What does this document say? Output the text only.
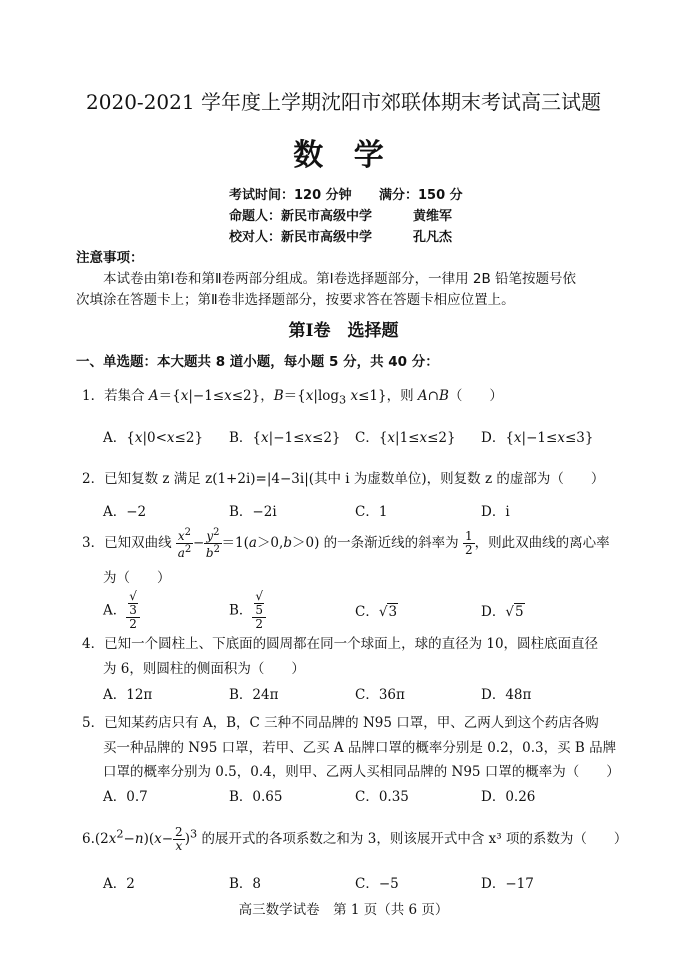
2020-2021 学年度上学期沈阳市郊联体期末考试高三试题
数 学
考试时间：120 分钟 满分：150 分
命题人：新民市高级中学	黄维军
校对人：新民市高级中学	孔凡杰
注意事项：
本试卷由第Ⅰ卷和第Ⅱ卷两部分组成。第Ⅰ卷选择题部分，一律用 2B 铅笔按题号依
次填涂在答题卡上；第Ⅱ卷非选择题部分，按要求答在答题卡相应位置上。
第Ⅰ卷　选择题
一、单选题：本大题共 8 道小题，每小题 5 分，共 40 分：
1．若集合 A＝{x|−1≤x≤2}，$B=\{x|\log_3$ x≤1}，则 A∩B（　　）
A．{x|0<x≤2} B．{x|−1≤x≤2} C．{x|1≤x≤2} D．{x|−1≤x≤3}
2．已知复数 z 满足 z(1+2i)=|4−3i|(其中 i 为虚数单位)，则复数 z 的虚部为（　　）
A．−2	B．−2i	C．1	D．i
3．已知双曲线 $\frac{x^2}{a^2} - \frac{y^2}{b^2} =1(a>0,b>0)$ 的一条渐近线的斜率为 $\frac{1}{2}$ ，则此双曲线的离心率
为（　　）
A． √
3
2	B． √
5
2	C．√3	D．√5
4．已知一个圆柱上、下底面的圆周都在同一个球面上，球的直径为 10，圆柱底面直径
为 6，则圆柱的侧面积为（　　）
A．12π	B．24π	C．36π	D．48π
5．已知某药店只有 A，B，C 三种不同品牌的 N95 口罩，甲、乙两人到这个药店各购
买一种品牌的 N95 口罩，若甲、乙买 A 品牌口罩的概率分别是 0.2，0.3，买 B 品牌
口罩的概率分别为 0.5，0.4，则甲、乙两人买相同品牌的 N95 口罩的概率为（　　）
A．0.7	B．0.65	C．0.35	D．0.26
$6.(2x^2-n)(x- \frac{2}{x} )^3$ 的展开式的各项系数之和为 3，则该展开式中含 x³ 项的系数为（　　）
A．2	B．8	C．−5	D．−17
高三数学试卷　第 1 页（共 6 页）
